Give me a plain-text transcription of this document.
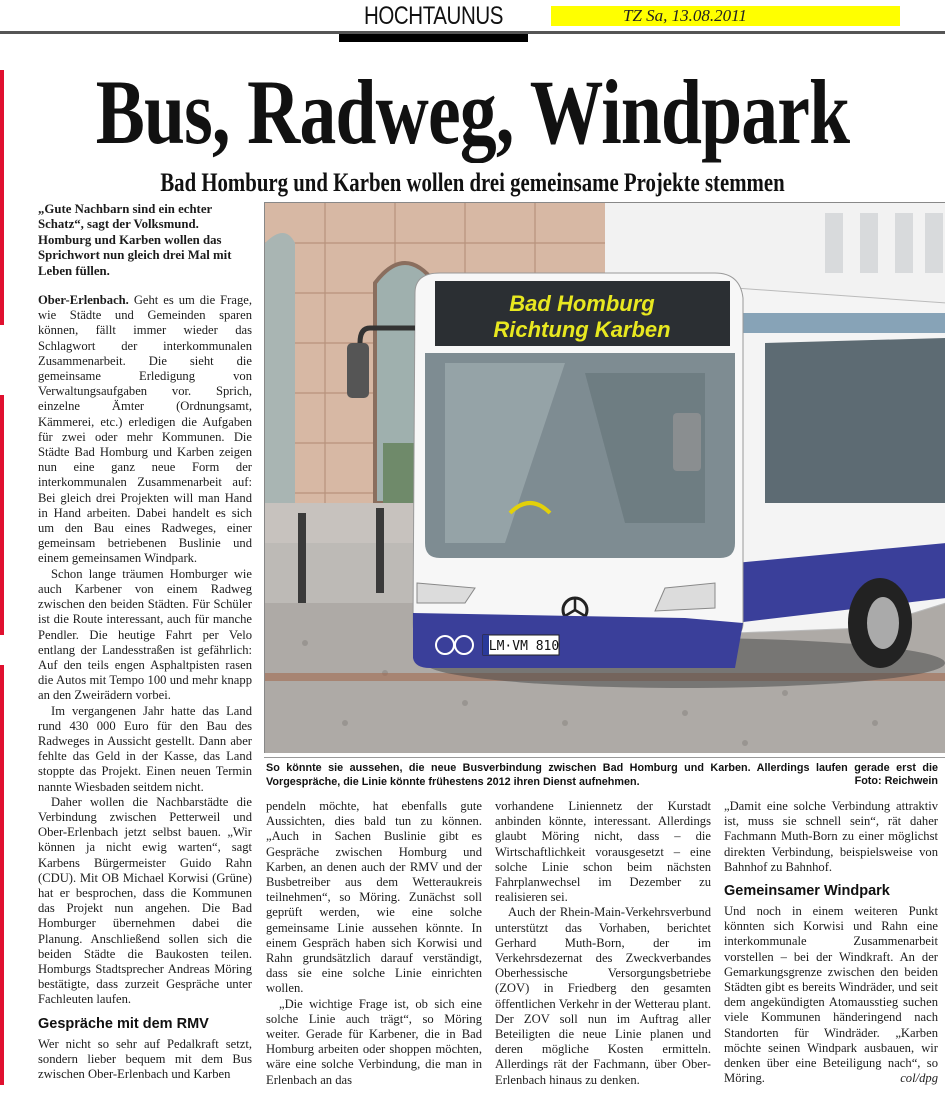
HOCHTAUNUS	TZ Sa, 13.08.2011
Bus, Radweg, Windpark
Bad Homburg und Karben wollen drei gemeinsame Projekte stemmen
„Gute Nachbarn sind ein echter Schatz“, sagt der Volksmund. Homburg und Karben wollen das Sprichwort nun gleich drei Mal mit Leben füllen.

Ober-Erlenbach. Geht es um die Frage, wie Städte und Gemeinden sparen können, fällt immer wieder das Schlagwort der interkommunalen Zusammenarbeit. Die sieht die gemeinsame Erledigung von Verwaltungsaufgaben vor. Sprich, einzelne Ämter (Ordnungsamt, Kämmerei, etc.) erledigen die Aufgaben für zwei oder mehr Kommunen. Die Städte Bad Homburg und Karben zeigen nun eine ganz neue Form der interkommunalen Zusammenarbeit auf: Bei gleich drei Projekten will man Hand in Hand arbeiten. Dabei handelt es sich um den Bau eines Radweges, einer gemeinsam betriebenen Buslinie und einem gemeinsamen Windpark.

Schon lange träumen Homburger wie auch Karbener von einem Radweg zwischen den beiden Städten. Für Schüler ist die Route interessant, auch für manche Pendler. Die heutige Fahrt per Velo entlang der Landesstraßen ist gefährlich: Auf den teils engen Asphaltpisten rasen die Autos mit Tempo 100 und mehr knapp an den Zweirädern vorbei.

Im vergangenen Jahr hatte das Land rund 430 000 Euro für den Bau des Radweges in Aussicht gestellt. Dann aber fehlte das Geld in der Kasse, das Land stoppte das Projekt. Einen neuen Termin nannte Wiesbaden seitdem nicht.

Daher wollen die Nachbarstädte die Verbindung zwischen Petterweil und Ober-Erlenbach jetzt selbst bauen. „Wir können ja nicht ewig warten“, sagt Karbens Bürgermeister Guido Rahn (CDU). Mit OB Michael Korwisi (Grüne) hat er besprochen, dass die Kommunen das Projekt nun angehen. Die Bad Homburger übernehmen dabei die Planung. Anschließend sollen sich die beiden Städte die Baukosten teilen. Homburgs Stadtsprecher Andreas Möring bestätigte, dass zurzeit Gespräche unter Fachleuten laufen.

Gespräche mit dem RMV

Wer nicht so sehr auf Pedalkraft setzt, sondern lieber bequem mit dem Bus zwischen Ober-Erlenbach und Karben

Bad Homburg
Richtung Karben
LM·VM 810
So könnte sie aussehen, die neue Busverbindung zwischen Bad Homburg und Karben. Allerdings laufen gerade erst die Vorgespräche, die Linie könnte frühestens 2012 ihren Dienst aufnehmen.	Foto: Reichwein

pendeln möchte, hat ebenfalls gute Aussichten, dies bald tun zu können. „Auch in Sachen Buslinie gibt es Gespräche zwischen Homburg und Karben, an denen auch der RMV und der Busbetreiber aus dem Wetteraukreis teilnehmen“, so Möring. Zunächst soll geprüft werden, wie eine solche gemeinsame Linie aussehen könnte. In einem Gespräch haben sich Korwisi und Rahn grundsätzlich darauf verständigt, dass sie eine solche Linie einrichten wollen.

„Die wichtige Frage ist, ob sich eine solche Linie auch trägt“, so Möring weiter. Gerade für Karbener, die in Bad Homburg arbeiten oder shoppen möchten, wäre eine solche Verbindung, die man in Erlenbach an das

vorhandene Liniennetz der Kurstadt anbinden könnte, interessant. Allerdings glaubt Möring nicht, dass – die Wirtschaftlichkeit vorausgesetzt – eine solche Linie schon beim nächsten Fahrplanwechsel im Dezember zu realisieren sei.

Auch der Rhein-Main-Verkehrsverbund unterstützt das Vorhaben, berichtet Gerhard Muth-Born, der im Verkehrsdezernat des Zweckverbandes Oberhessische Versorgungsbetriebe (ZOV) in Friedberg den gesamten öffentlichen Verkehr in der Wetterau plant. Der ZOV soll nun im Auftrag aller Beteiligten die neue Linie planen und deren mögliche Kosten ermitteln. Allerdings rät der Fachmann, über Ober-Erlenbach hinaus zu denken.

„Damit eine solche Verbindung attraktiv ist, muss sie schnell sein“, rät daher Fachmann Muth-Born zu einer möglichst direkten Verbindung, beispielsweise von Bahnhof zu Bahnhof.

Gemeinsamer Windpark

Und noch in einem weiteren Punkt könnten sich Korwisi und Rahn eine interkommunale Zusammenarbeit vorstellen – bei der Windkraft. An der Gemarkungsgrenze zwischen den beiden Städten gibt es bereits Windräder, und seit dem angekündigten Atomausstieg suchen viele Kommunen händeringend nach Standorten für Windräder. „Karben möchte seinen Windpark ausbauen, wir denken über eine Beteiligung nach“, so Möring.	col/dpg
